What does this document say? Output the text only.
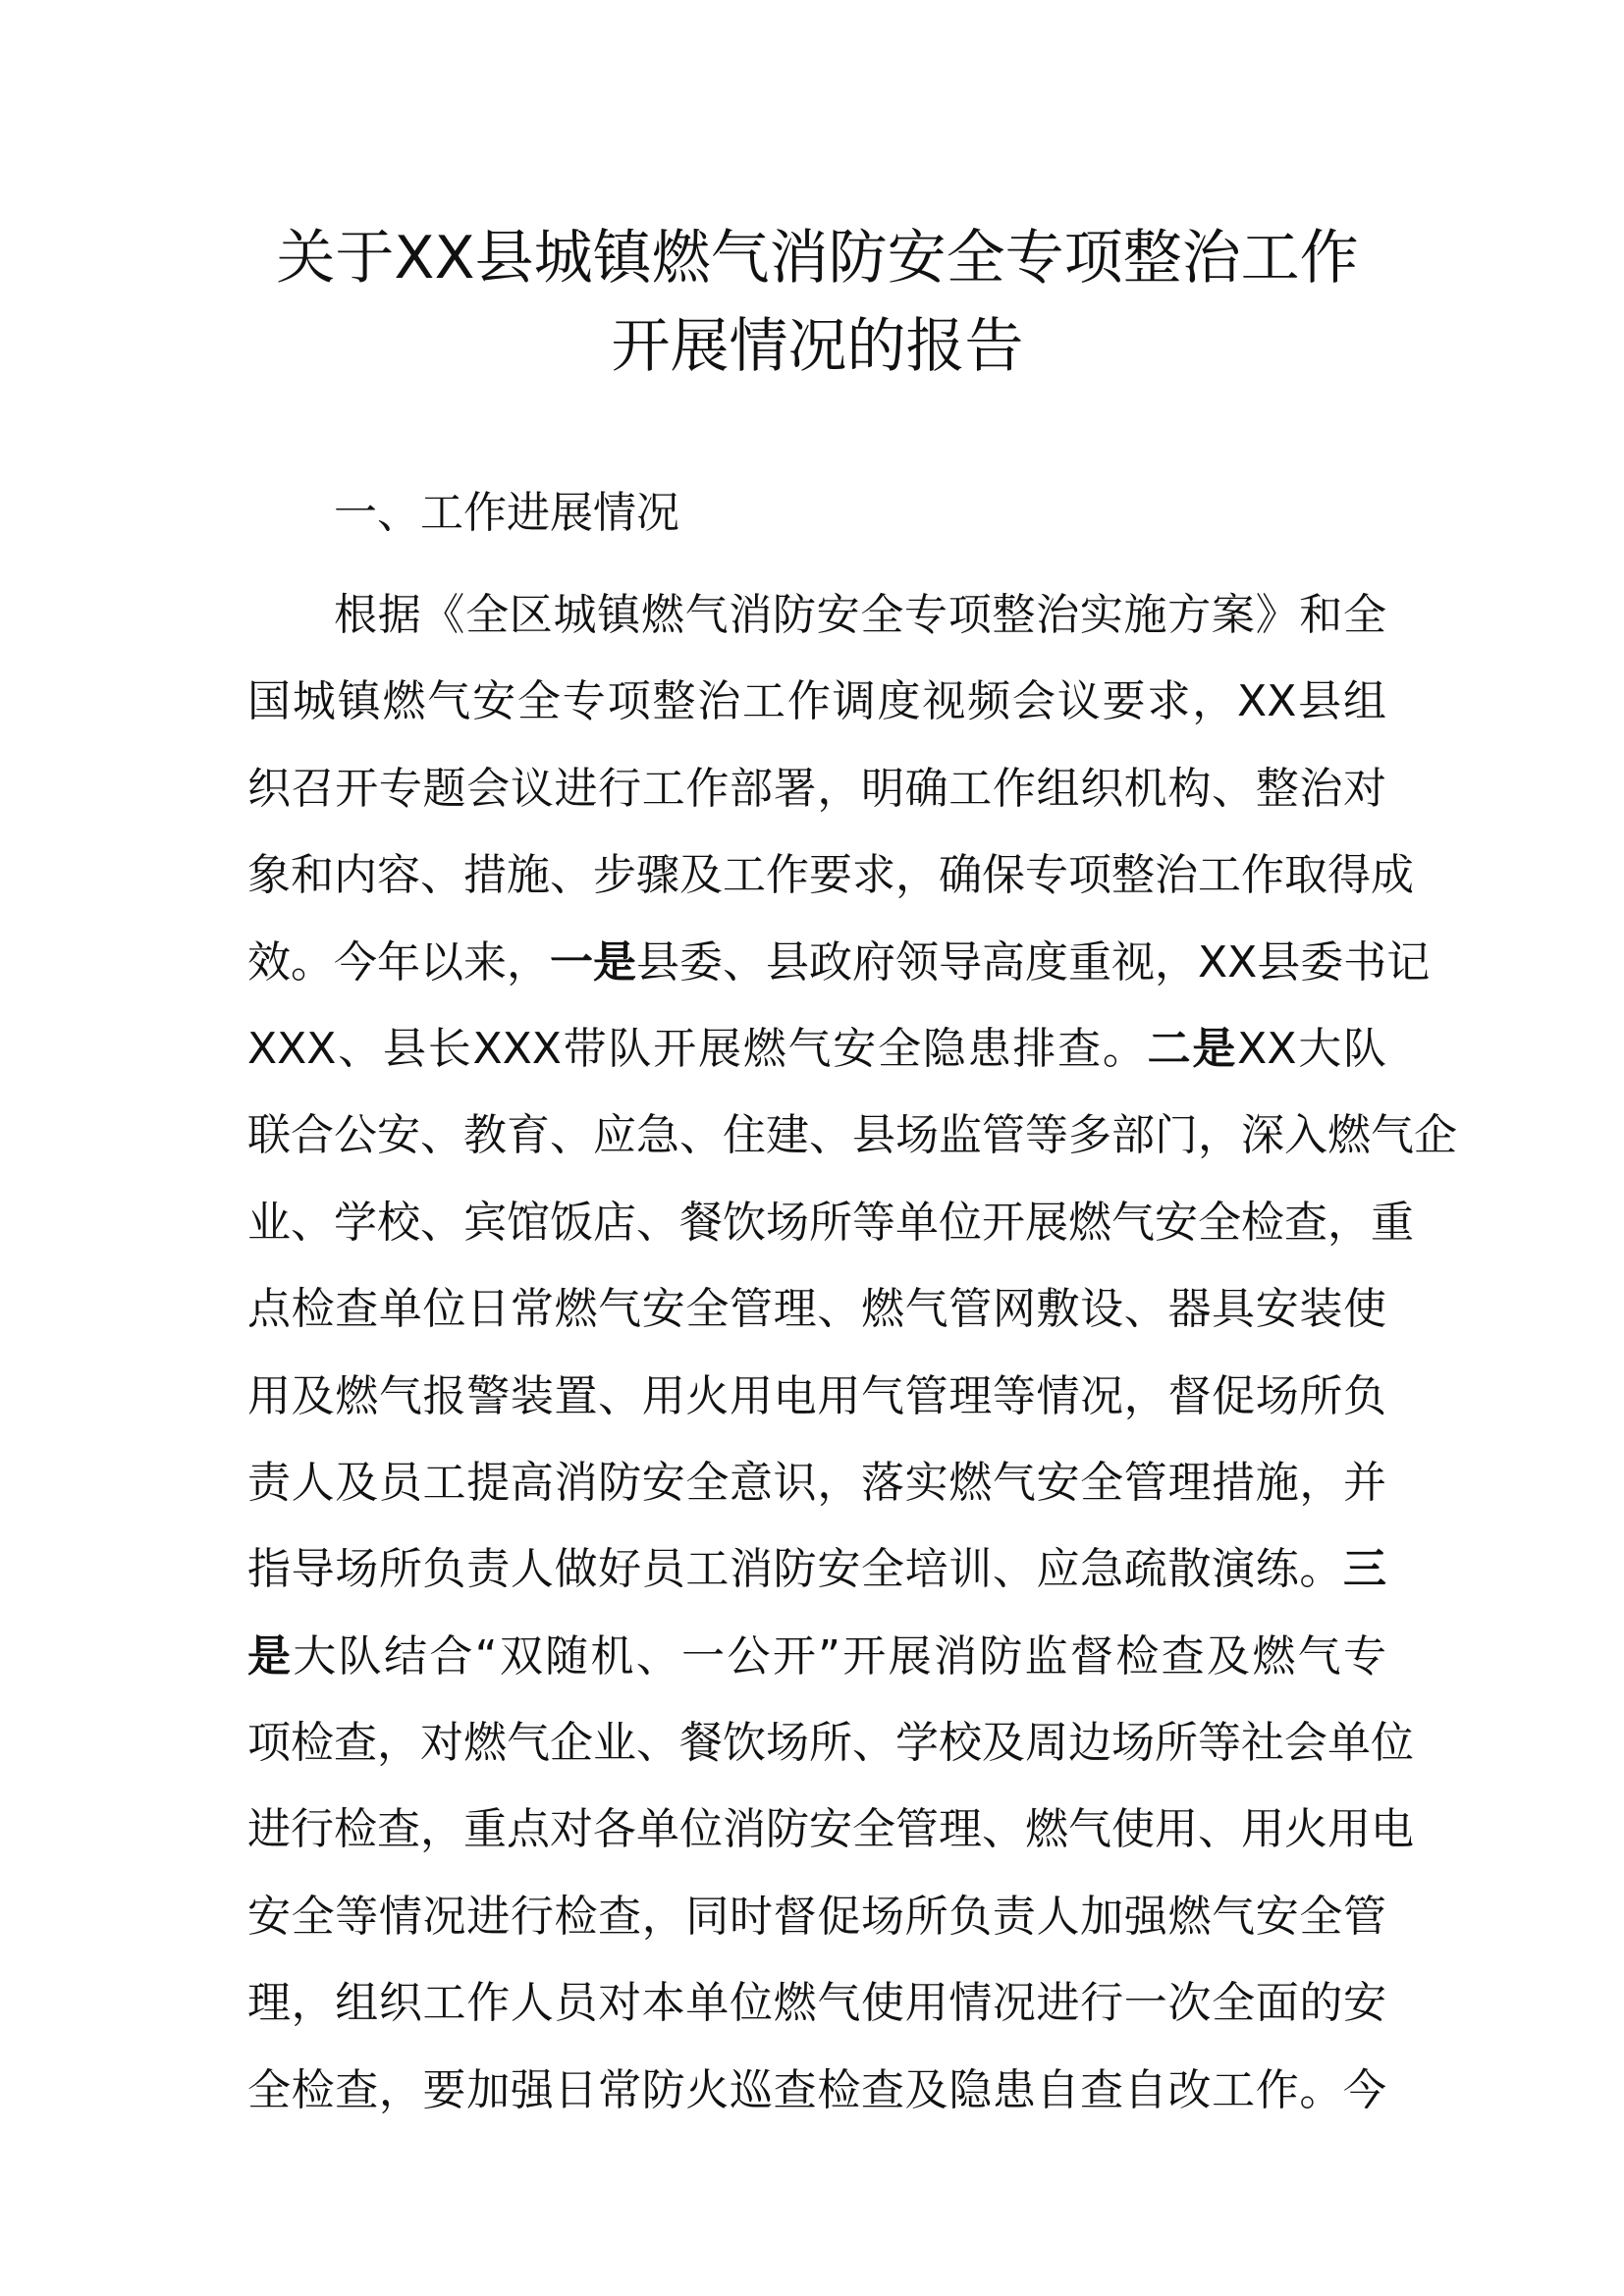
关于XX县城镇燃气消防安全专项整治工作
开展情况的报告
一、工作进展情况
根据《全区城镇燃气消防安全专项整治实施方案》和全
国城镇燃气安全专项整治工作调度视频会议要求，XX县组
织召开专题会议进行工作部署，明确工作组织机构、整治对
象和内容、措施、步骤及工作要求，确保专项整治工作取得成
效。今年以来，一是县委、县政府领导高度重视，XX县委书记
XXX、县长XXX带队开展燃气安全隐患排查。二是XX大队
联合公安、教育、应急、住建、县场监管等多部门，深入燃气企
业、学校、宾馆饭店、餐饮场所等单位开展燃气安全检查，重
点检查单位日常燃气安全管理、燃气管网敷设、器具安装使
用及燃气报警装置、用火用电用气管理等情况，督促场所负
责人及员工提高消防安全意识，落实燃气安全管理措施，并
指导场所负责人做好员工消防安全培训、应急疏散演练。三
是大队结合“双随机、一公开”开展消防监督检查及燃气专
项检查，对燃气企业、餐饮场所、学校及周边场所等社会单位
进行检查，重点对各单位消防安全管理、燃气使用、用火用电
安全等情况进行检查，同时督促场所负责人加强燃气安全管
理，组织工作人员对本单位燃气使用情况进行一次全面的安
全检查，要加强日常防火巡查检查及隐患自查自改工作。今
